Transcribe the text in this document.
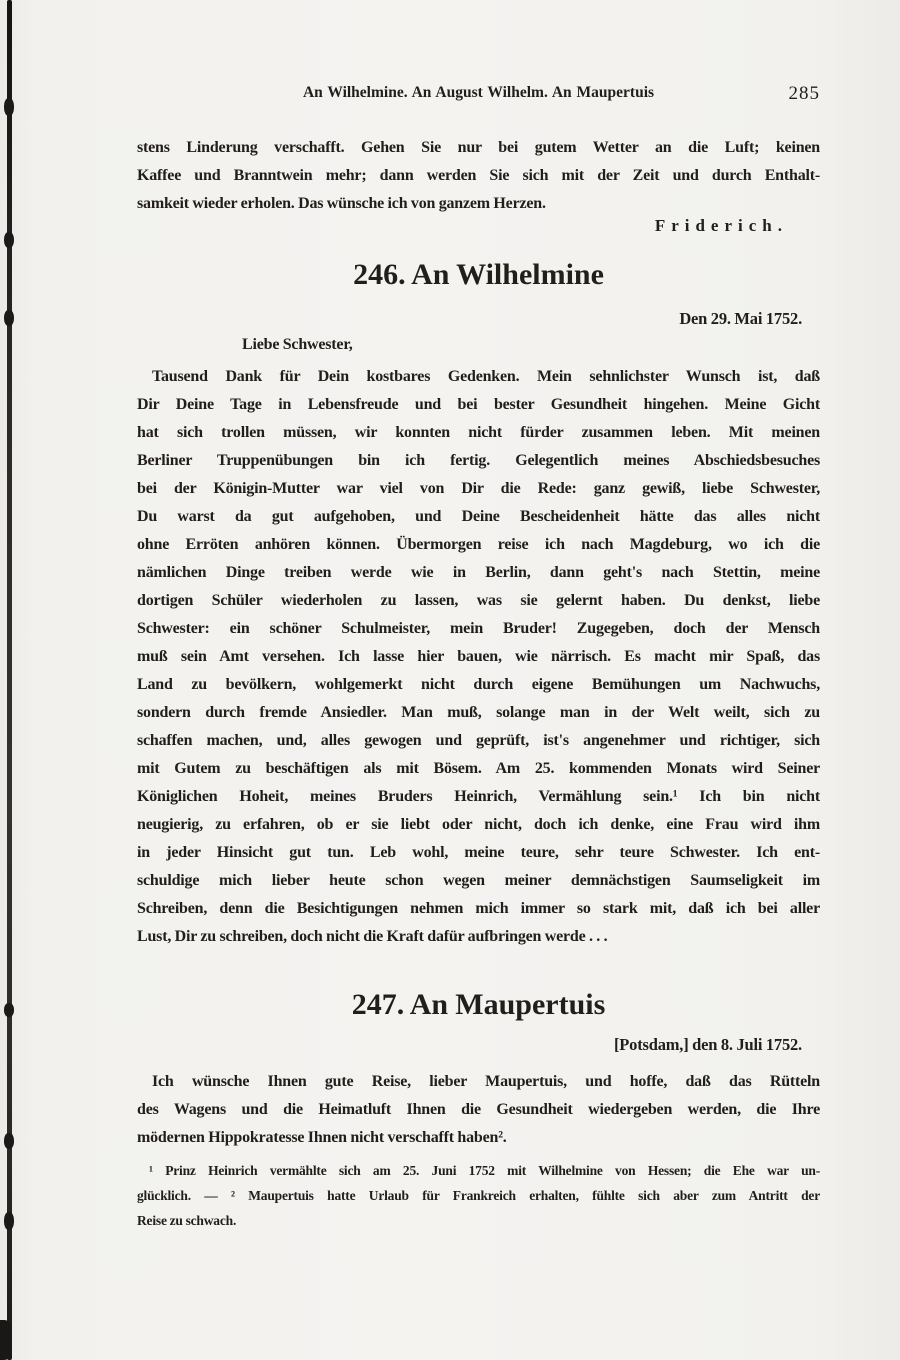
An Wilhelmine. An August Wilhelm. An Maupertuis	285
stens Linderung verschafft. Gehen Sie nur bei gutem Wetter an die Luft; keinen
Kaffee und Branntwein mehr; dann werden Sie sich mit der Zeit und durch Enthalt-
samkeit wieder erholen. Das wünsche ich von ganzem Herzen.
Friderich.
246. An Wilhelmine
Den 29. Mai 1752.
Liebe Schwester,
Tausend Dank für Dein kostbares Gedenken. Mein sehnlichster Wunsch ist, daß
Dir Deine Tage in Lebensfreude und bei bester Gesundheit hingehen. Meine Gicht
hat sich trollen müssen, wir konnten nicht fürder zusammen leben. Mit meinen
Berliner Truppenübungen bin ich fertig. Gelegentlich meines Abschiedsbesuches
bei der Königin-Mutter war viel von Dir die Rede: ganz gewiß, liebe Schwester,
Du warst da gut aufgehoben, und Deine Bescheidenheit hätte das alles nicht
ohne Erröten anhören können. Übermorgen reise ich nach Magdeburg, wo ich die
nämlichen Dinge treiben werde wie in Berlin, dann geht's nach Stettin, meine
dortigen Schüler wiederholen zu lassen, was sie gelernt haben. Du denkst, liebe
Schwester: ein schöner Schulmeister, mein Bruder! Zugegeben, doch der Mensch
muß sein Amt versehen. Ich lasse hier bauen, wie närrisch. Es macht mir Spaß, das
Land zu bevölkern, wohlgemerkt nicht durch eigene Bemühungen um Nachwuchs,
sondern durch fremde Ansiedler. Man muß, solange man in der Welt weilt, sich zu
schaffen machen, und, alles gewogen und geprüft, ist's angenehmer und richtiger, sich
mit Gutem zu beschäftigen als mit Bösem. Am 25. kommenden Monats wird Seiner
Königlichen Hoheit, meines Bruders Heinrich, Vermählung sein.¹ Ich bin nicht
neugierig, zu erfahren, ob er sie liebt oder nicht, doch ich denke, eine Frau wird ihm
in jeder Hinsicht gut tun. Leb wohl, meine teure, sehr teure Schwester. Ich ent-
schuldige mich lieber heute schon wegen meiner demnächstigen Saumseligkeit im
Schreiben, denn die Besichtigungen nehmen mich immer so stark mit, daß ich bei aller
Lust, Dir zu schreiben, doch nicht die Kraft dafür aufbringen werde . . .
247. An Maupertuis
[Potsdam,] den 8. Juli 1752.
Ich wünsche Ihnen gute Reise, lieber Maupertuis, und hoffe, daß das Rütteln
des Wagens und die Heimatluft Ihnen die Gesundheit wiedergeben werden, die Ihre
mödernen Hippokratesse Ihnen nicht verschafft haben².
¹ Prinz Heinrich vermählte sich am 25. Juni 1752 mit Wilhelmine von Hessen; die Ehe war un-
glücklich. — ² Maupertuis hatte Urlaub für Frankreich erhalten, fühlte sich aber zum Antritt der
Reise zu schwach.
